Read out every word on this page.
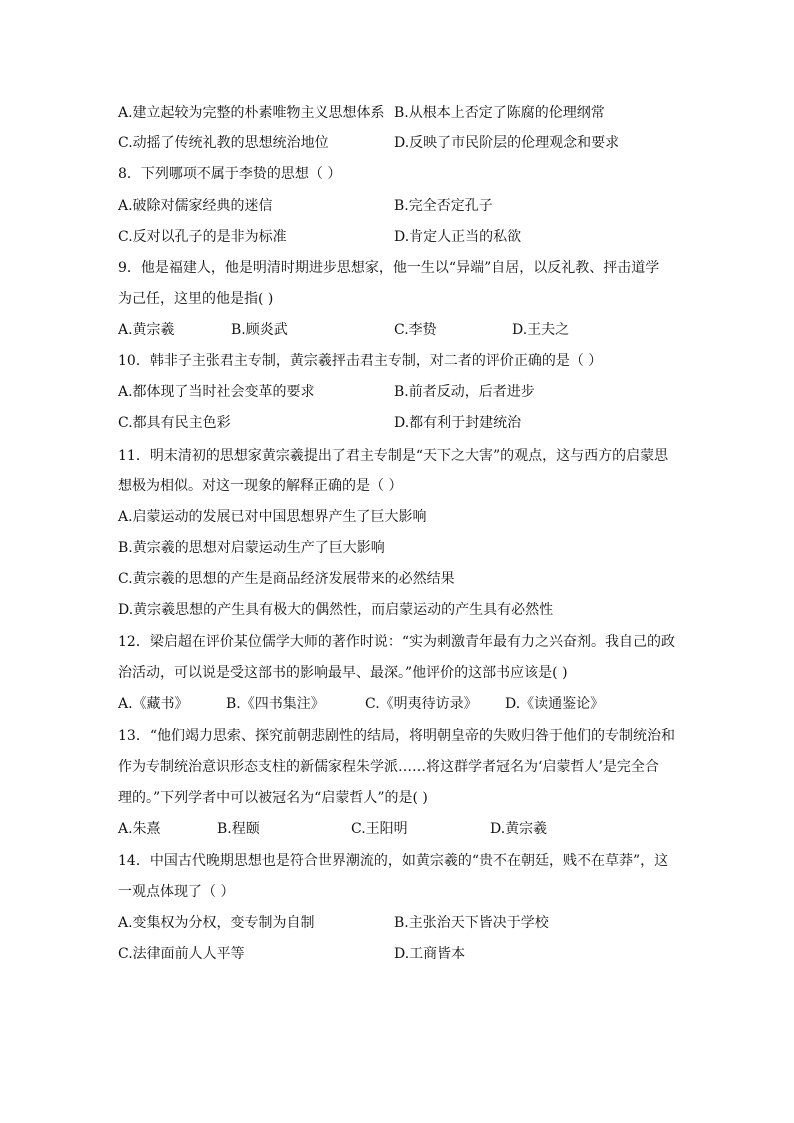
A.建立起较为完整的朴素唯物主义思想体系 B.从根本上否定了陈腐的伦理纲常
C.动摇了传统礼教的思想统治地位	D.反映了市民阶层的伦理观念和要求
8．下列哪项不属于李贽的思想（ ）
A.破除对儒家经典的迷信	B.完全否定孔子
C.反对以孔子的是非为标准	D.肯定人正当的私欲
9．他是福建人，他是明清时期进步思想家，他一生以“异端”自居，以反礼教、抨击道学
为己任，这里的他是指( )
A.黄宗羲	B.顾炎武	C.李贽	D.王夫之
10．韩非子主张君主专制，黄宗羲抨击君主专制，对二者的评价正确的是（ ）
A.都体现了当时社会变革的要求	B.前者反动，后者进步
C.都具有民主色彩	D.都有利于封建统治
11．明末清初的思想家黄宗羲提出了君主专制是“天下之大害”的观点，这与西方的启蒙思
想极为相似。对这一现象的解释正确的是（ ）
A.启蒙运动的发展已对中国思想界产生了巨大影响
B.黄宗羲的思想对启蒙运动生产了巨大影响
C.黄宗羲的思想的产生是商品经济发展带来的必然结果
D.黄宗羲思想的产生具有极大的偶然性，而启蒙运动的产生具有必然性
12．梁启超在评价某位儒学大师的著作时说：“实为刺激青年最有力之兴奋剂。我自己的政
治活动，可以说是受这部书的影响最早、最深。”他评价的这部书应该是( )
A.《藏书》	B.《四书集注》	C.《明夷待访录》 D.《读通鉴论》
13．“他们竭力思索、探究前朝悲剧性的结局，将明朝皇帝的失败归咎于他们的专制统治和
作为专制统治意识形态支柱的新儒家程朱学派……将这群学者冠名为‘启蒙哲人’是完全合
理的。”下列学者中可以被冠名为“启蒙哲人”的是( )
A.朱熹	B.程颐	C.王阳明	D.黄宗羲
14．中国古代晚期思想也是符合世界潮流的，如黄宗羲的“贵不在朝廷，贱不在草莽”，这
一观点体现了（ ）
A.变集权为分权，变专制为自制	B.主张治天下皆决于学校
C.法律面前人人平等	D.工商皆本
